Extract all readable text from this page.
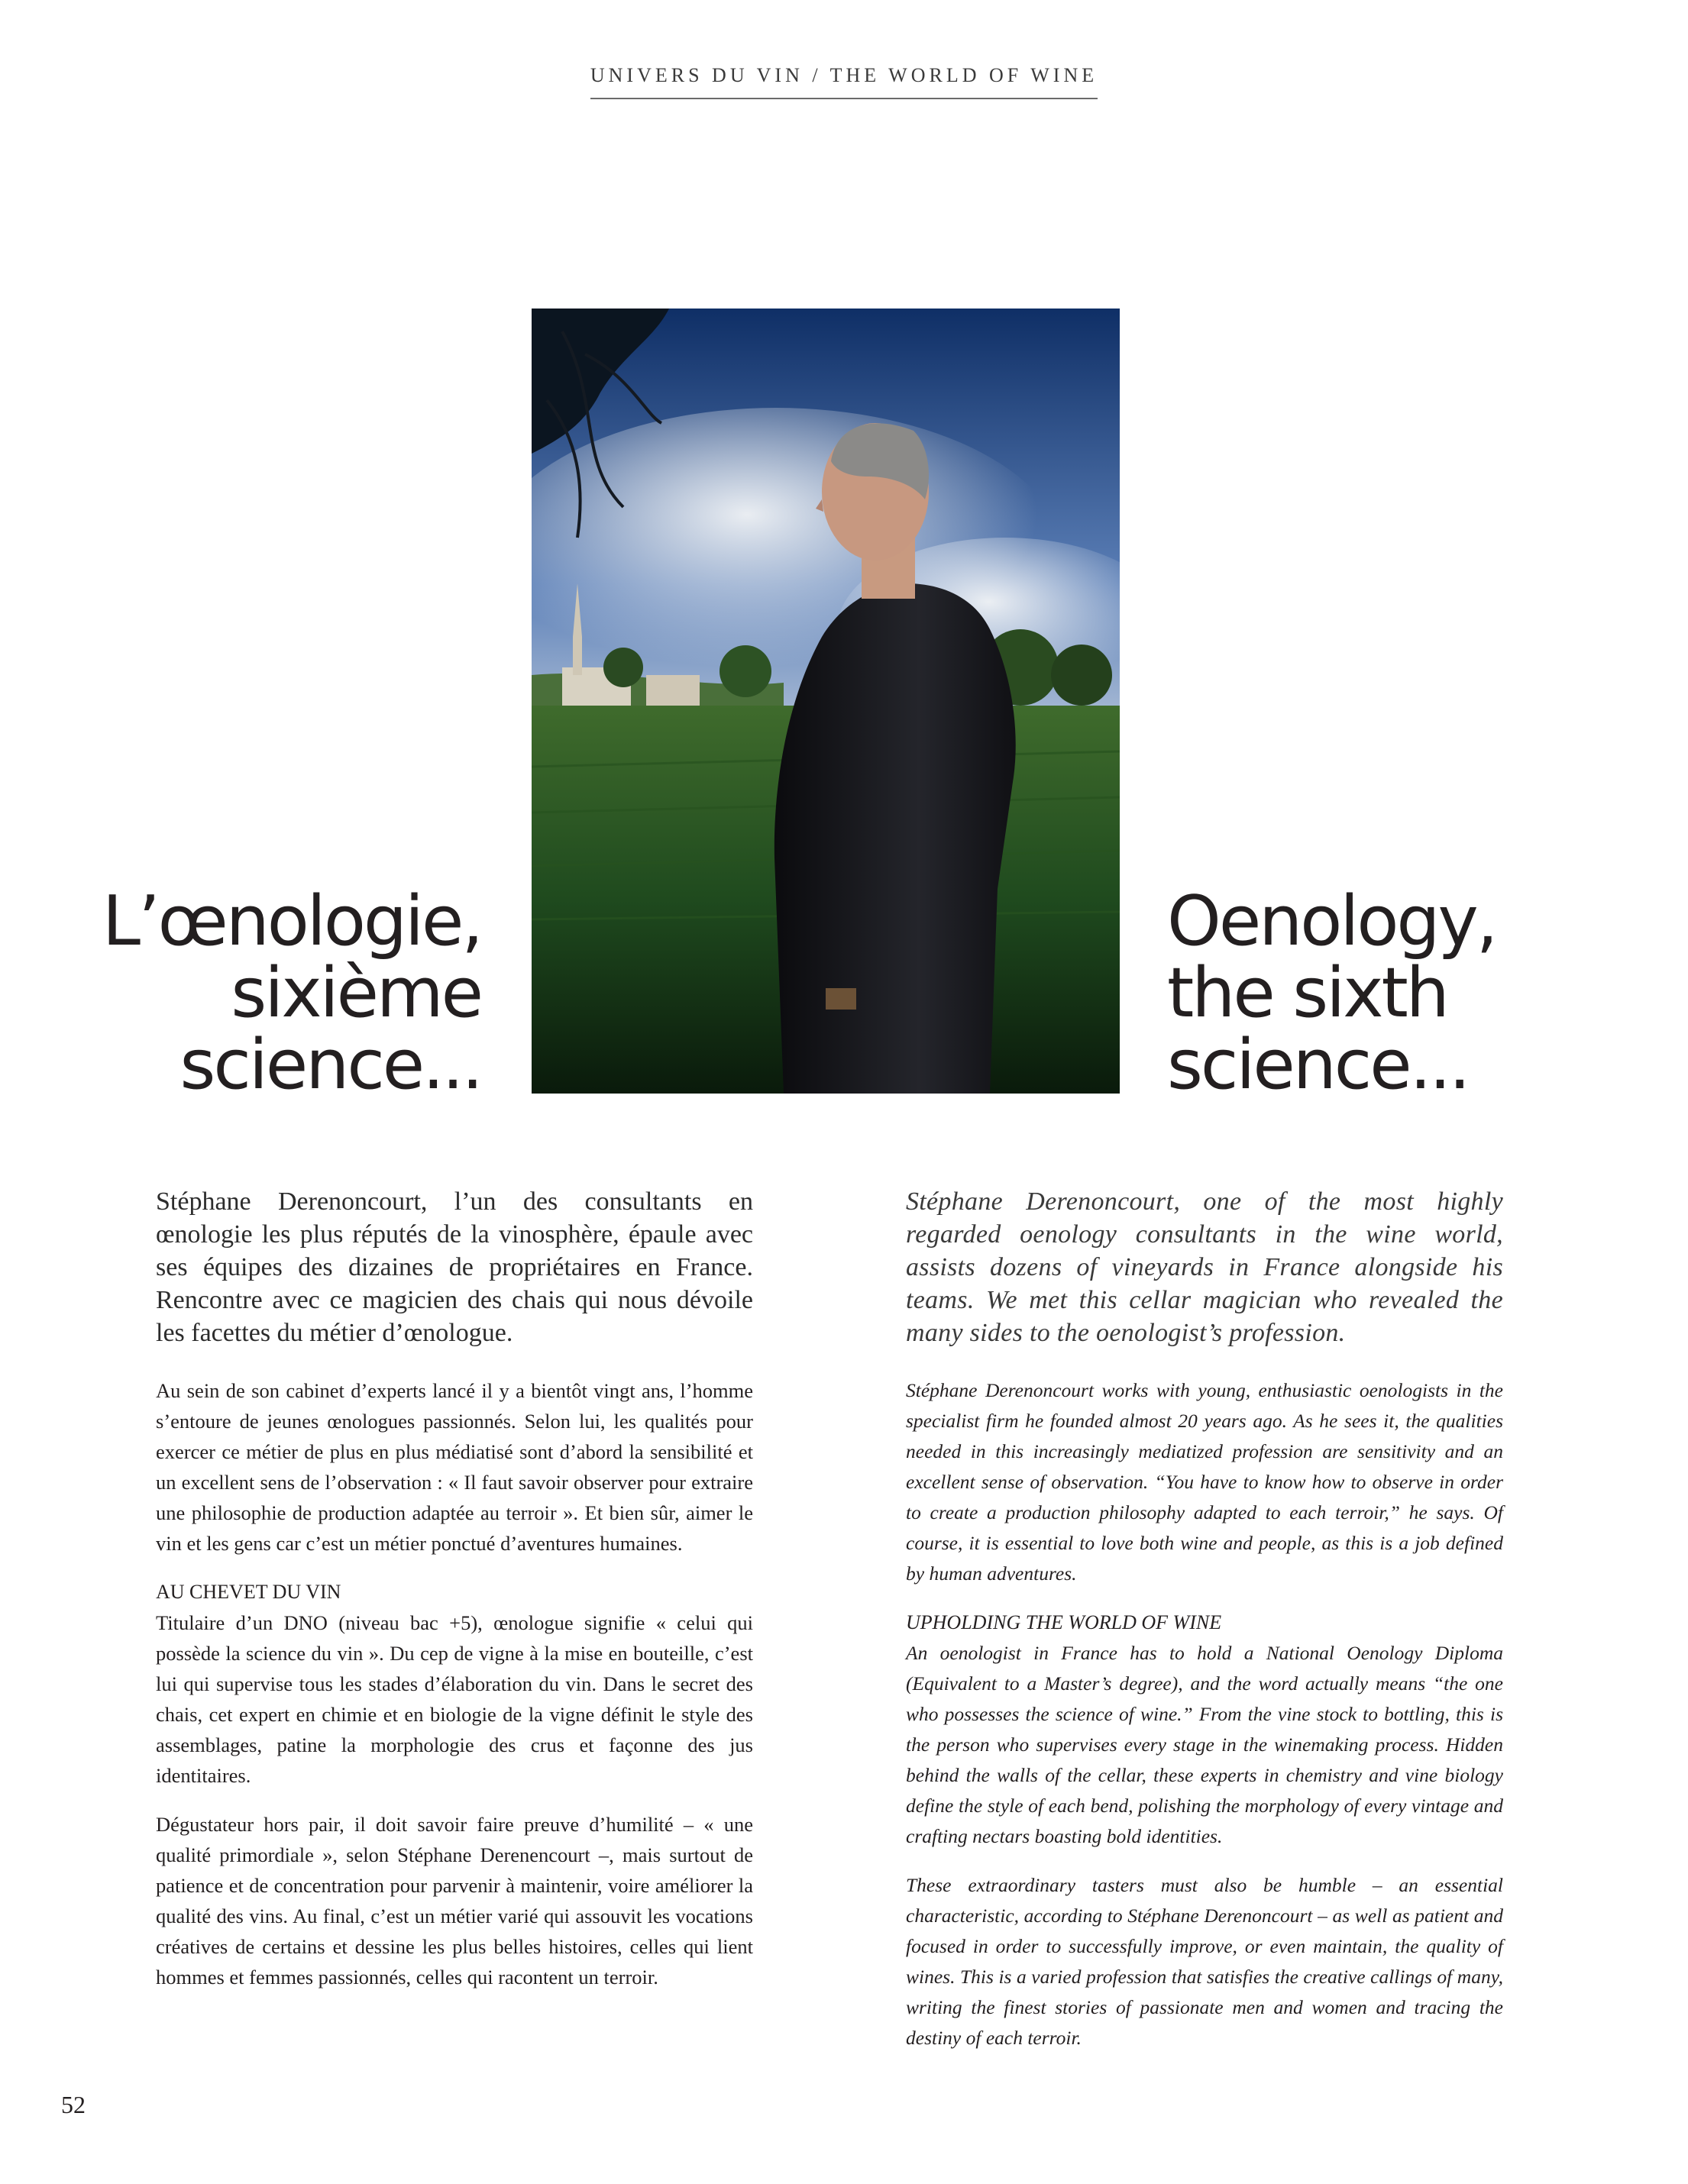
UNIVERS DU VIN / THE WORLD OF WINE
L’œnologie,
sixième
science...
Oenology,
the sixth
science...

Stéphane Derenoncourt, l’un des consultants en œnologie les plus réputés de la vinosphère, épaule avec ses équipes des dizaines de propriétaires en France. Rencontre avec ce magicien des chais qui nous dévoile les facettes du métier d’œnologue.

Au sein de son cabinet d’experts lancé il y a bientôt vingt ans, l’homme s’entoure de jeunes œnologues passionnés. Selon lui, les qualités pour exercer ce métier de plus en plus médiatisé sont d’abord la sensibilité et un excellent sens de l’observation : « Il faut savoir observer pour extraire une philosophie de production adaptée au terroir ». Et bien sûr, aimer le vin et les gens car c’est un métier ponctué d’aventures humaines.

AU CHEVET DU VIN

Titulaire d’un DNO (niveau bac +5), œnologue signifie « celui qui possède la science du vin ». Du cep de vigne à la mise en bouteille, c’est lui qui supervise tous les stades d’élaboration du vin. Dans le secret des chais, cet expert en chimie et en biologie de la vigne définit le style des assemblages, patine la morphologie des crus et façonne des jus identitaires.

Dégustateur hors pair, il doit savoir faire preuve d’humilité – « une qualité primordiale », selon Stéphane Derenencourt –, mais surtout de patience et de concentration pour parvenir à maintenir, voire améliorer la qualité des vins. Au final, c’est un métier varié qui assouvit les vocations créatives de certains et dessine les plus belles histoires, celles qui lient hommes et femmes passionnés, celles qui racontent un terroir.

Stéphane Derenoncourt, one of the most highly regarded oenology consultants in the wine world, assists dozens of vineyards in France alongside his teams. We met this cellar magician who revealed the many sides to the oenologist’s profession.

Stéphane Derenoncourt works with young, enthusiastic oenologists in the specialist firm he founded almost 20 years ago. As he sees it, the qualities needed in this increasingly mediatized profession are sensitivity and an excellent sense of observation. “You have to know how to observe in order to create a production philosophy adapted to each terroir,” he says. Of course, it is essential to love both wine and people, as this is a job defined by human adventures.

UPHOLDING THE WORLD OF WINE

An oenologist in France has to hold a National Oenology Diploma (Equivalent to a Master’s degree), and the word actually means “the one who possesses the science of wine.” From the vine stock to bottling, this is the person who supervises every stage in the winemaking process. Hidden behind the walls of the cellar, these experts in chemistry and vine biology define the style of each bend, polishing the morphology of every vintage and crafting nectars boasting bold identities.

These extraordinary tasters must also be humble – an essential characteristic, according to Stéphane Derenoncourt – as well as patient and focused in order to successfully improve, or even maintain, the quality of wines. This is a varied profession that satisfies the creative callings of many, writing the finest stories of passionate men and women and tracing the destiny of each terroir.

52
